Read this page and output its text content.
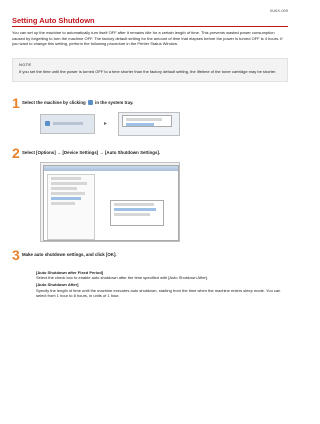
0U6X-009
Setting Auto Shutdown

You can set up the machine to automatically turn itself OFF after it remains idle for a certain length of time. This prevents wasted power consumption caused by forgetting to turn the machine OFF. The factory default setting for the amount of time that elapses before the power is turned OFF is 4 hours. If you want to change this setting, perform the following procedure in the Printer Status Window.

NOTE
If you set the time until the power is turned OFF to a time shorter than the factory default setting, the lifetime of the toner cartridge may be shorter.
1 Select the machine by clicking in the system tray.
▸
2 Select [Options] → [Device Settings] → [Auto Shutdown Settings].
3 Make auto shutdown settings, and click [OK].

[Auto Shutdown after Fixed Period]
Select the check box to enable auto shutdown after the time specified with [Auto Shutdown After].

[Auto Shutdown After]
Specify the length of time until the machine executes auto shutdown, starting from the time when the machine enters sleep mode. You can select from 1 hour to 8 hours, in units of 1 hour.
